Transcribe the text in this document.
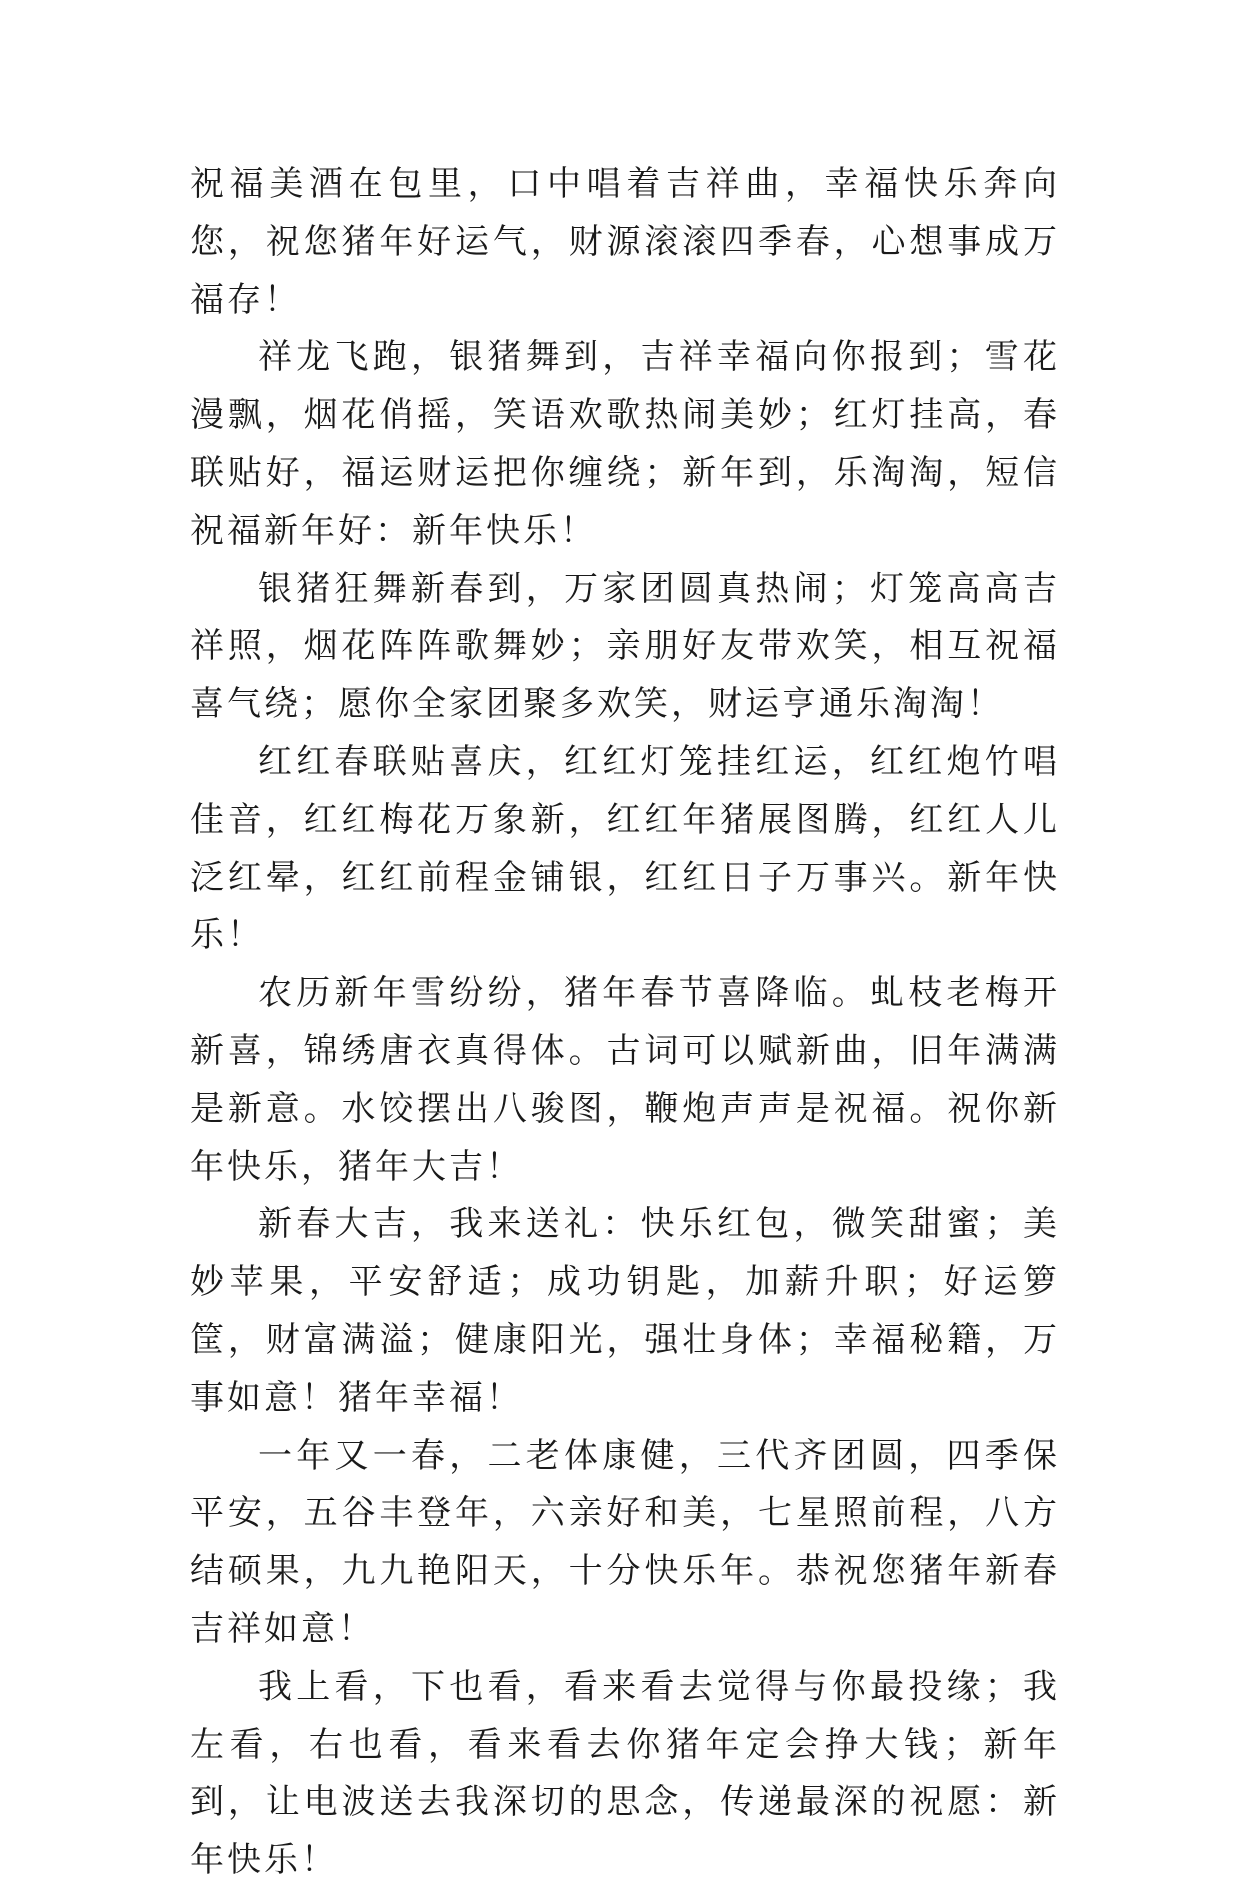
祝福美酒在包里，口中唱着吉祥曲，幸福快乐奔向您，祝您猪年好运气，财源滚滚四季春，心想事成万福存！

祥龙飞跑，银猪舞到，吉祥幸福向你报到；雪花漫飘，烟花俏摇，笑语欢歌热闹美妙；红灯挂高，春联贴好，福运财运把你缠绕；新年到，乐淘淘，短信祝福新年好：新年快乐！

银猪狂舞新春到，万家团圆真热闹；灯笼高高吉祥照，烟花阵阵歌舞妙；亲朋好友带欢笑，相互祝福喜气绕；愿你全家团聚多欢笑，财运亨通乐淘淘！

红红春联贴喜庆，红红灯笼挂红运，红红炮竹唱佳音，红红梅花万象新，红红年猪展图腾，红红人儿泛红晕，红红前程金铺银，红红日子万事兴。新年快乐！

农历新年雪纷纷，猪年春节喜降临。虬枝老梅开新喜，锦绣唐衣真得体。古词可以赋新曲，旧年满满是新意。水饺摆出八骏图，鞭炮声声是祝福。祝你新年快乐，猪年大吉！

新春大吉，我来送礼：快乐红包，微笑甜蜜；美妙苹果，平安舒适；成功钥匙，加薪升职；好运箩筐，财富满溢；健康阳光，强壮身体；幸福秘籍，万事如意！猪年幸福！

一年又一春，二老体康健，三代齐团圆，四季保平安，五谷丰登年，六亲好和美，七星照前程，八方结硕果，九九艳阳天，十分快乐年。恭祝您猪年新春吉祥如意！

我上看，下也看，看来看去觉得与你最投缘；我左看，右也看，看来看去你猪年定会挣大钱；新年到，让电波送去我深切的思念，传递最深的祝愿：新年快乐！
